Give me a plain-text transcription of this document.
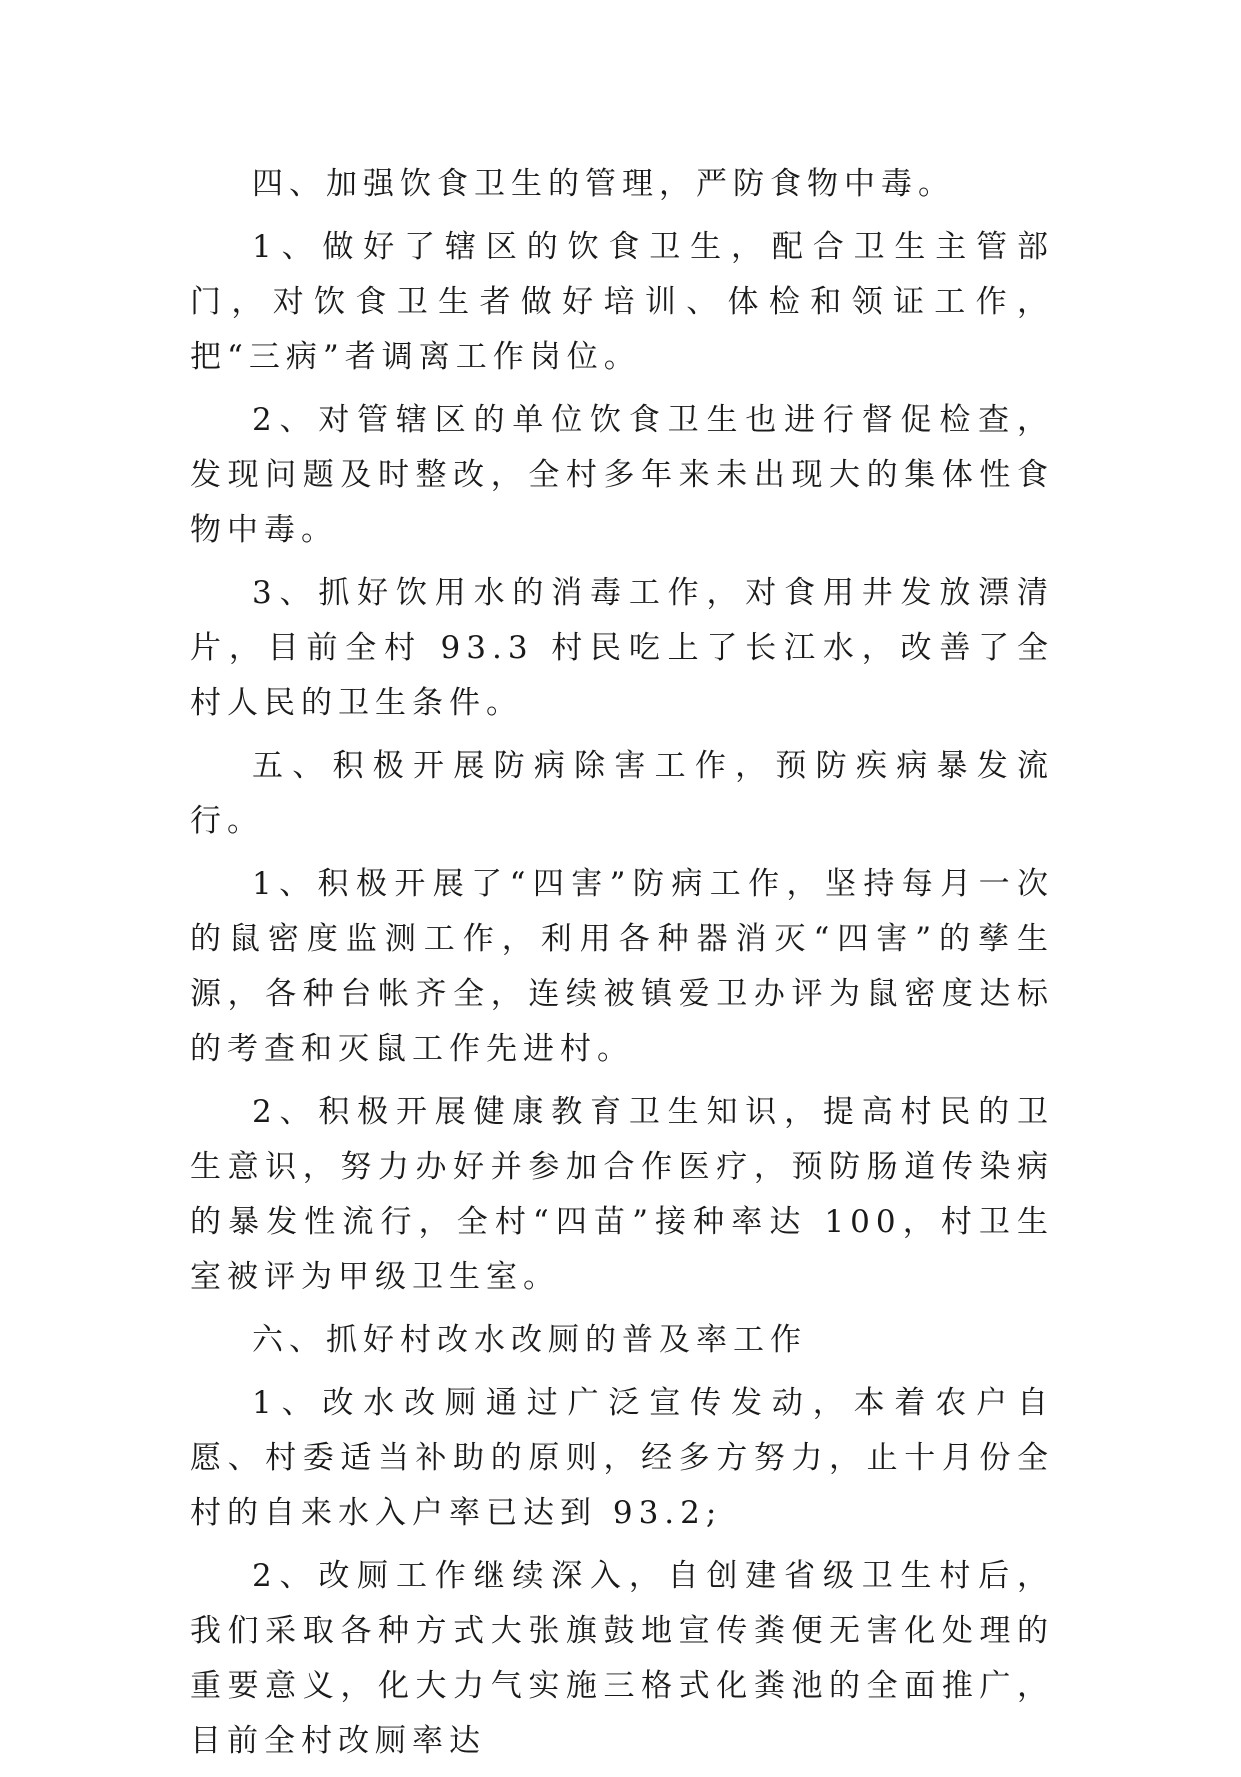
四、加强饮食卫生的管理，严防食物中毒。

1、做好了辖区的饮食卫生，配合卫生主管部门，对饮食卫生者做好培训、体检和领证工作，把“三病”者调离工作岗位。

2、对管辖区的单位饮食卫生也进行督促检查，发现问题及时整改，全村多年来未出现大的集体性食物中毒。

3、抓好饮用水的消毒工作，对食用井发放漂清片，目前全村 93.3 村民吃上了长江水，改善了全村人民的卫生条件。

五、积极开展防病除害工作，预防疾病暴发流行。

1、积极开展了“四害”防病工作，坚持每月一次的鼠密度监测工作，利用各种器消灭“四害”的孳生源，各种台帐齐全，连续被镇爱卫办评为鼠密度达标的考查和灭鼠工作先进村。

2、积极开展健康教育卫生知识，提高村民的卫生意识，努力办好并参加合作医疗，预防肠道传染病的暴发性流行，全村“四苗”接种率达 100，村卫生室被评为甲级卫生室。

六、抓好村改水改厕的普及率工作

1、改水改厕通过广泛宣传发动，本着农户自愿、村委适当补助的原则，经多方努力，止十月份全村的自来水入户率已达到 93.2;

2、改厕工作继续深入，自创建省级卫生村后，我们采取各种方式大张旗鼓地宣传粪便无害化处理的重要意义，化大力气实施三格式化粪池的全面推广，目前全村改厕率达
